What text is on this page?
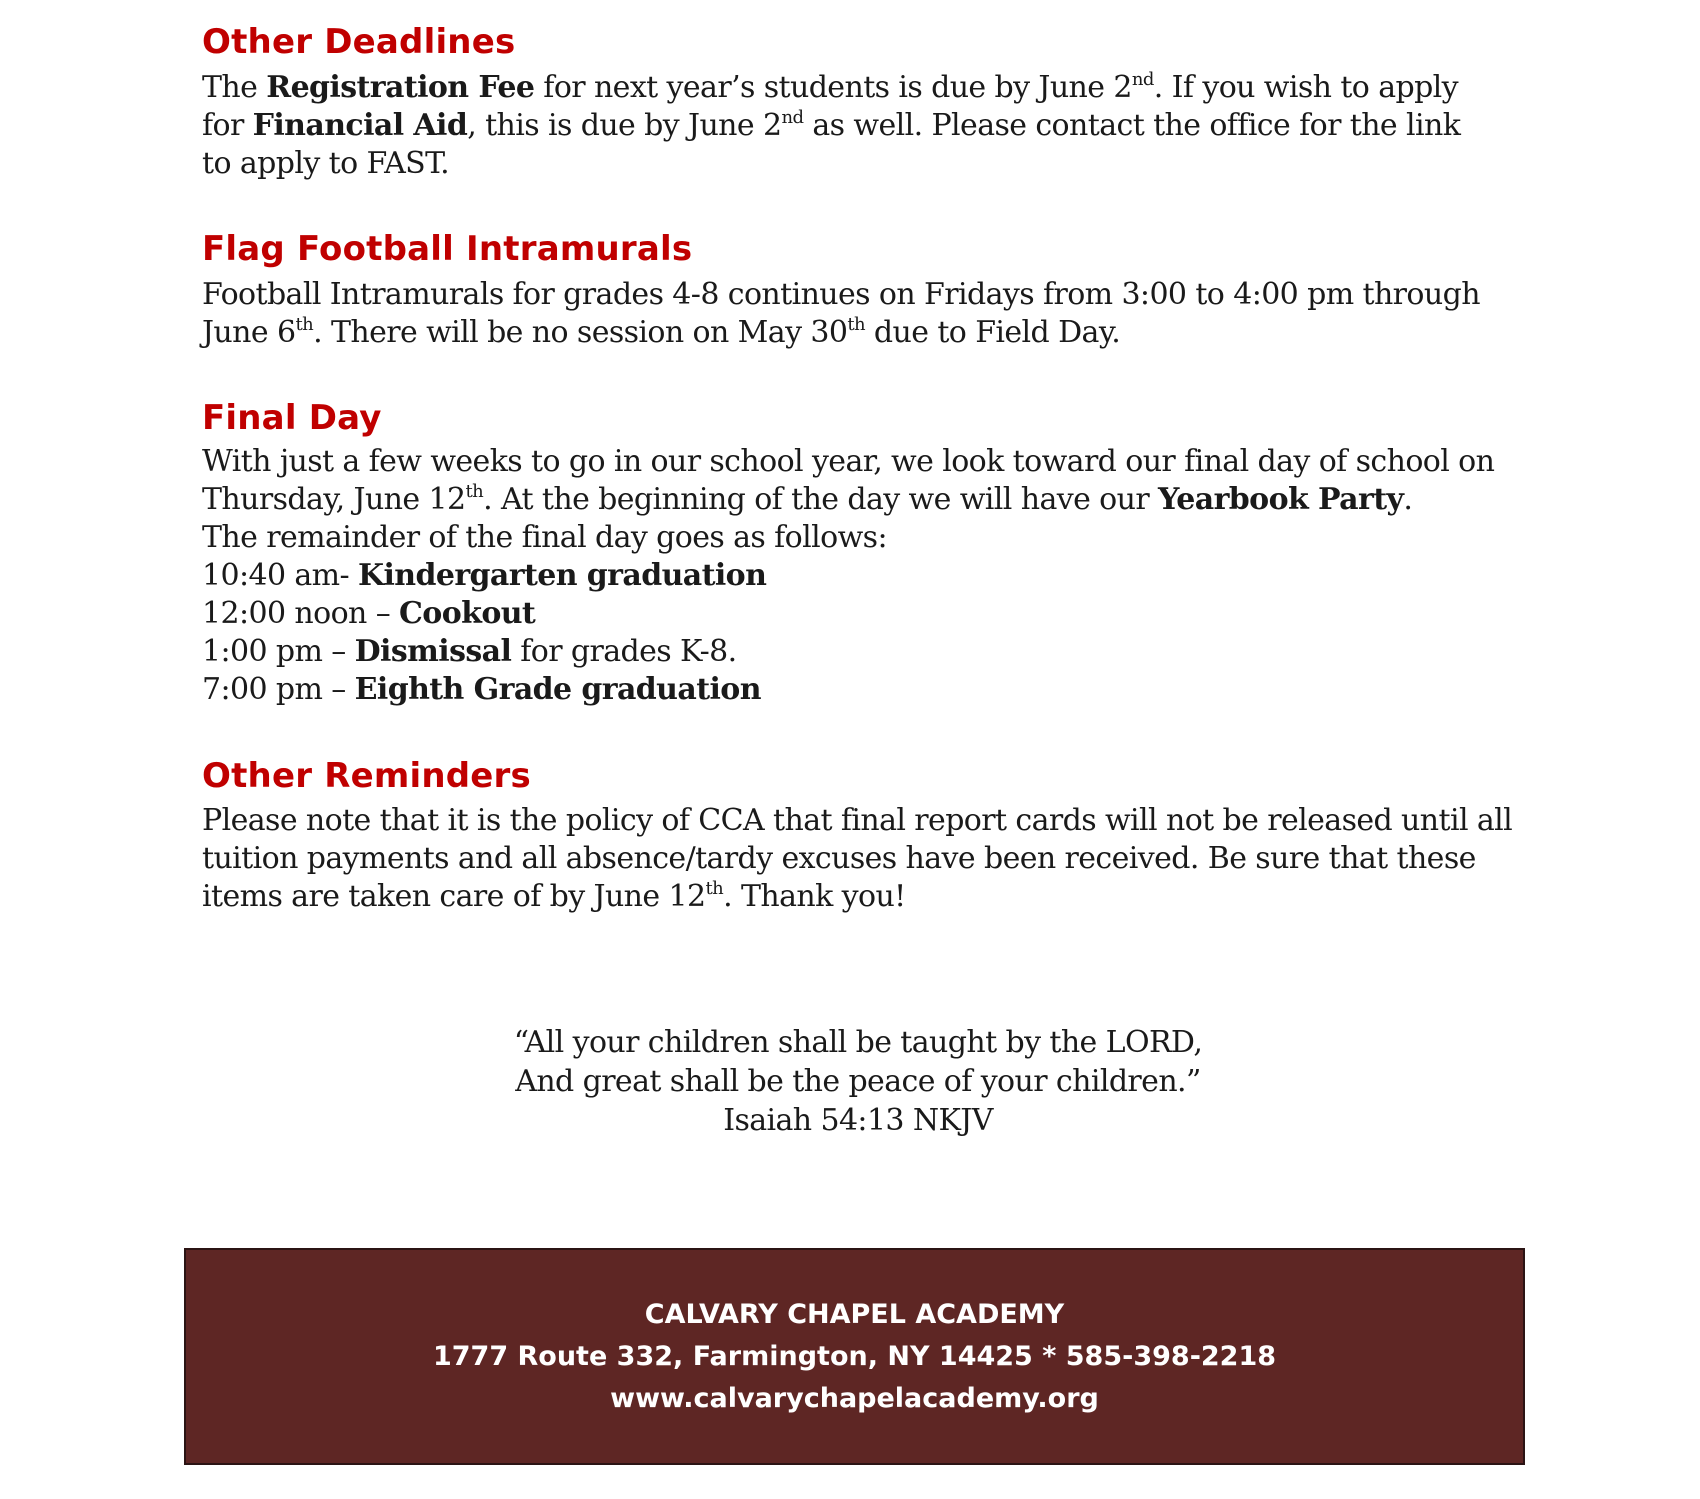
Other Deadlines

The Registration Fee for next year’s students is due by June 2nd. If you wish to apply
for Financial Aid, this is due by June 2nd as well. Please contact the office for the link
to apply to FAST.

Flag Football Intramurals

Football Intramurals for grades 4-8 continues on Fridays from 3:00 to 4:00 pm through
June 6th. There will be no session on May 30th due to Field Day.

Final Day

With just a few weeks to go in our school year, we look toward our final day of school on
Thursday, June 12th. At the beginning of the day we will have our Yearbook Party.
The remainder of the final day goes as follows:
10:40 am- Kindergarten graduation
12:00 noon – Cookout
1:00 pm – Dismissal for grades K-8.
7:00 pm – Eighth Grade graduation

Other Reminders

Please note that it is the policy of CCA that final report cards will not be released until all
tuition payments and all absence/tardy excuses have been received. Be sure that these
items are taken care of by June 12th. Thank you!

“All your children shall be taught by the LORD,
And great shall be the peace of your children.”
Isaiah 54:13 NKJV

CALVARY CHAPEL ACADEMY
1777 Route 332, Farmington, NY 14425 * 585-398-2218
www.calvarychapelacademy.org
